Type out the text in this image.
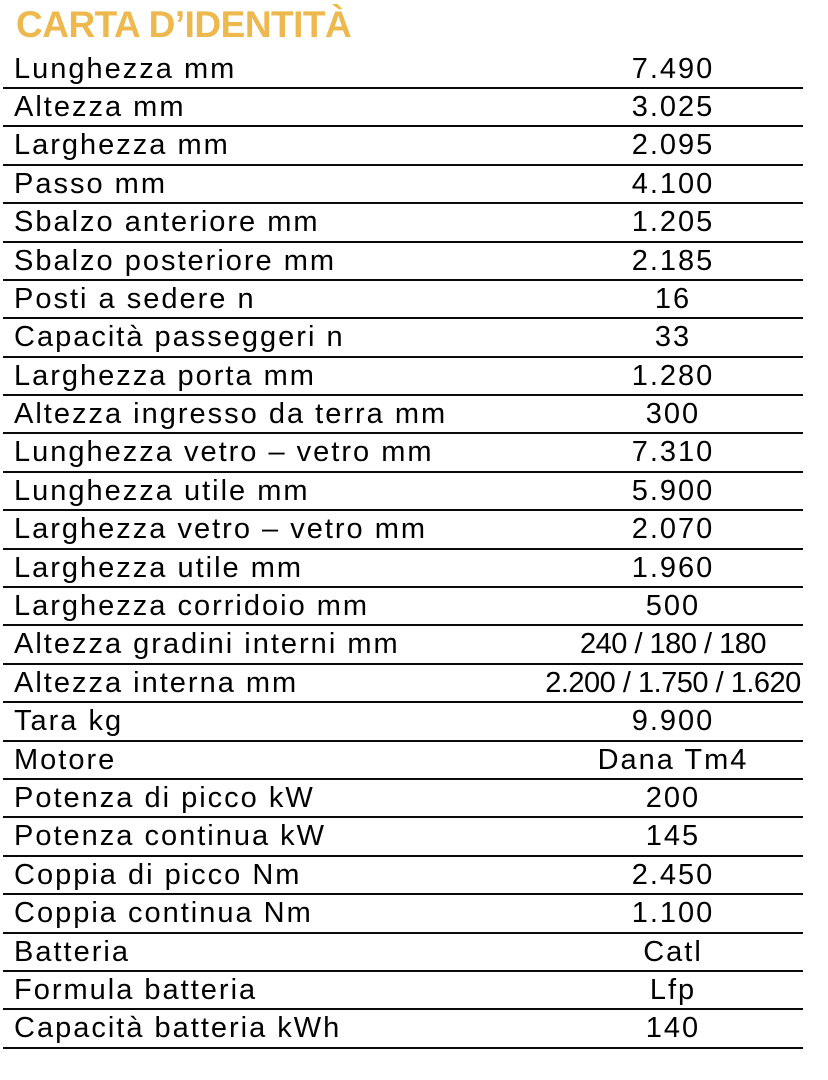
CARTA D’IDENTITÀ
Lunghezza mm	7.490
Altezza mm	3.025
Larghezza mm	2.095
Passo mm	4.100
Sbalzo anteriore mm	1.205
Sbalzo posteriore mm	2.185
Posti a sedere n	16
Capacità passeggeri n	33
Larghezza porta mm	1.280
Altezza ingresso da terra mm	300
Lunghezza vetro – vetro mm	7.310
Lunghezza utile mm	5.900
Larghezza vetro – vetro mm	2.070
Larghezza utile mm	1.960
Larghezza corridoio mm	500
Altezza gradini interni mm	240 / 180 / 180
Altezza interna mm	2.200 / 1.750 / 1.620
Tara kg	9.900
Motore	Dana Tm4
Potenza di picco kW	200
Potenza continua kW	145
Coppia di picco Nm	2.450
Coppia continua Nm	1.100
Batteria	Catl
Formula batteria	Lfp
Capacità batteria kWh	140
